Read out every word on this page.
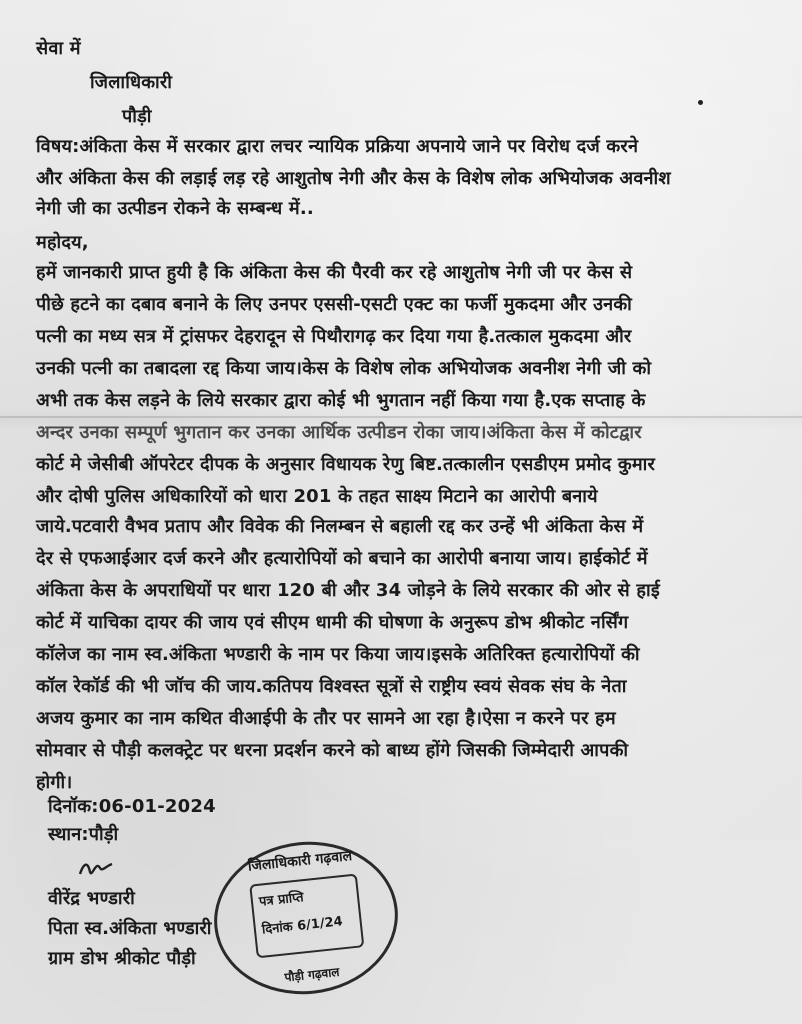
सेवा में
जिलाधिकारी
पौड़ी
विषय:अंकिता केस में सरकार द्वारा लचर न्यायिक प्रक्रिया अपनाये जाने पर विरोध दर्ज करने
और अंकिता केस की लड़ाई लड़ रहे आशुतोष नेगी और केस के विशेष लोक अभियोजक अवनीश
नेगी जी का उत्पीडन रोकने के सम्बन्ध में..
महोदय,
हमें जानकारी प्राप्त हुयी है कि अंकिता केस की पैरवी कर रहे आशुतोष नेगी जी पर केस से
पीछे हटने का दबाव बनाने के लिए उनपर एससी-एसटी एक्ट का फर्जी मुकदमा और उनकी
पत्नी का मध्य सत्र में ट्रांसफर देहरादून से पिथौरागढ़ कर दिया गया है.तत्काल मुकदमा और
उनकी पत्नी का तबादला रद्द किया जाय।केस के विशेष लोक अभियोजक अवनीश नेगी जी को
अभी तक केस लड़ने के लिये सरकार द्वारा कोई भी भुगतान नहीं किया गया है.एक सप्ताह के
अन्दर उनका सम्पूर्ण भुगतान कर उनका आर्थिक उत्पीडन रोका जाय।अंकिता केस में कोटद्वार
कोर्ट मे जेसीबी ऑपरेटर दीपक के अनुसार विधायक रेणु बिष्ट.तत्कालीन एसडीएम प्रमोद कुमार
और दोषी पुलिस अधिकारियों को धारा 201 के तहत साक्ष्य मिटाने का आरोपी बनाये
जाये.पटवारी वैभव प्रताप और विवेक की निलम्बन से बहाली रद्द कर उन्हें भी अंकिता केस में
देर से एफआईआर दर्ज करने और हत्यारोपियों को बचाने का आरोपी बनाया जाय। हाईकोर्ट में
अंकिता केस के अपराधियों पर धारा 120 बी और 34 जोड़ने के लिये सरकार की ओर से हाई
कोर्ट में याचिका दायर की जाय एवं सीएम धामी की घोषणा के अनुरूप डोभ श्रीकोट नर्सिंग
कॉलेज का नाम स्व.अंकिता भण्डारी के नाम पर किया जाय।इसके अतिरिक्त हत्यारोपियों की
कॉल रेकॉर्ड की भी जॉच की जाय.कतिपय विश्वस्त सूत्रों से राष्ट्रीय स्वयं सेवक संघ के नेता
अजय कुमार का नाम कथित वीआईपी के तौर पर सामने आ रहा है।ऐसा न करने पर हम
सोमवार से पौड़ी कलक्ट्रेट पर धरना प्रदर्शन करने को बाध्य होंगे जिसकी जिम्मेदारी आपकी
होगी।
दिनॉक:06-01-2024
स्थान:पौड़ी
वीरेंद्र भण्डारी
पिता स्व.अंकिता भण्डारी
ग्राम डोभ श्रीकोट पौड़ी
जिलाधिकारी गढ़वाल
पत्र प्राप्ति
दिनांक 6/1/24
पौड़ी गढ़वाल
